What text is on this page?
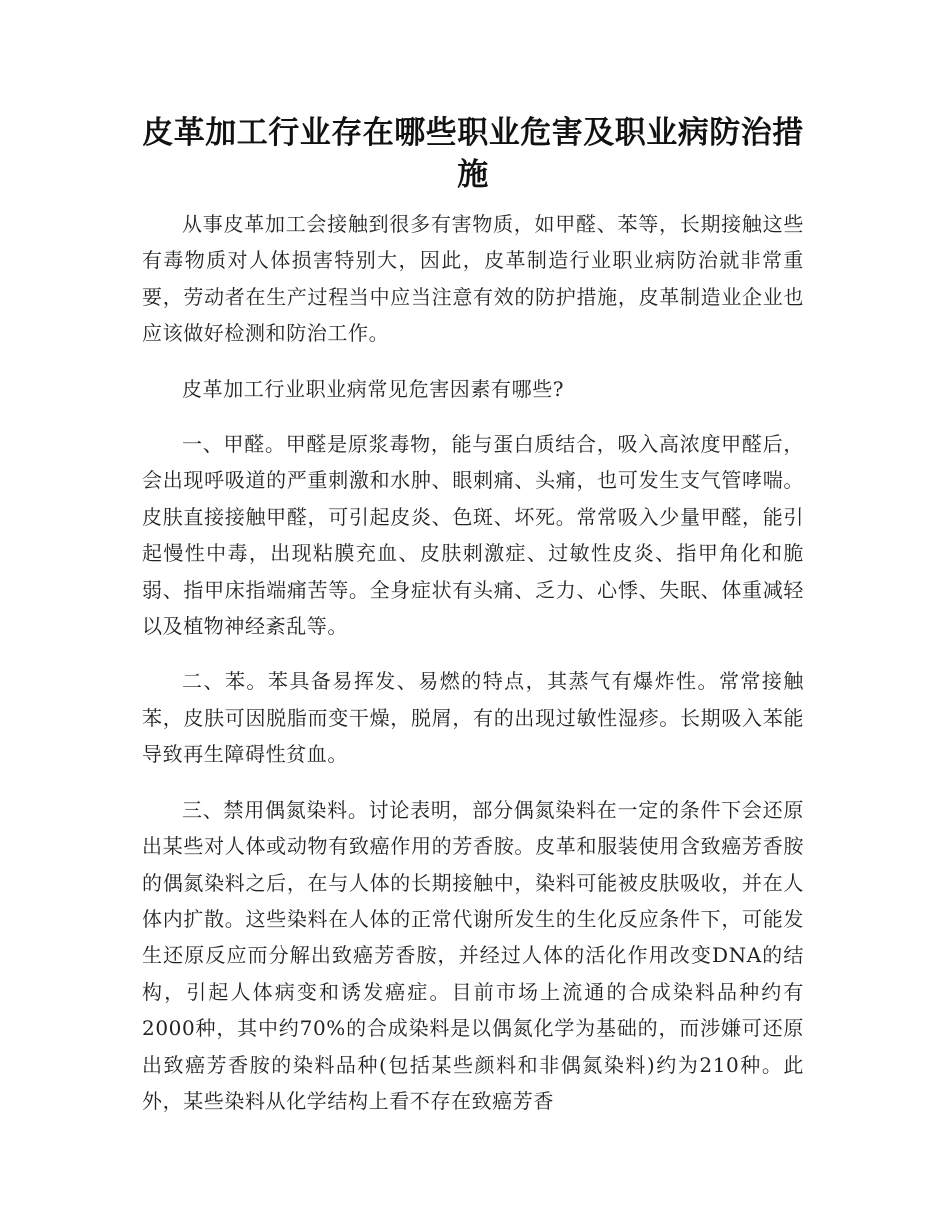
皮革加工行业存在哪些职业危害及职业病防治措施

从事皮革加工会接触到很多有害物质，如甲醛、苯等，长期接触这些有毒物质对人体损害特别大，因此，皮革制造行业职业病防治就非常重要，劳动者在生产过程当中应当注意有效的防护措施，皮革制造业企业也应该做好检测和防治工作。

皮革加工行业职业病常见危害因素有哪些?

一、甲醛。甲醛是原浆毒物，能与蛋白质结合，吸入高浓度甲醛后，会出现呼吸道的严重刺激和水肿、眼刺痛、头痛，也可发生支气管哮喘。皮肤直接接触甲醛，可引起皮炎、色斑、坏死。常常吸入少量甲醛，能引起慢性中毒，出现粘膜充血、皮肤刺激症、过敏性皮炎、指甲角化和脆弱、指甲床指端痛苦等。全身症状有头痛、乏力、心悸、失眠、体重减轻以及植物神经紊乱等。

二、苯。苯具备易挥发、易燃的特点，其蒸气有爆炸性。常常接触苯，皮肤可因脱脂而变干燥，脱屑，有的出现过敏性湿疹。长期吸入苯能导致再生障碍性贫血。

三、禁用偶氮染料。讨论表明，部分偶氮染料在一定的条件下会还原出某些对人体或动物有致癌作用的芳香胺。皮革和服装使用含致癌芳香胺的偶氮染料之后，在与人体的长期接触中，染料可能被皮肤吸收，并在人体内扩散。这些染料在人体的正常代谢所发生的生化反应条件下，可能发生还原反应而分解出致癌芳香胺，并经过人体的活化作用改变DNA的结构，引起人体病变和诱发癌症。目前市场上流通的合成染料品种约有2000种，其中约70%的合成染料是以偶氮化学为基础的，而涉嫌可还原出致癌芳香胺的染料品种(包括某些颜料和非偶氮染料)约为210种。此外，某些染料从化学结构上看不存在致癌芳香
